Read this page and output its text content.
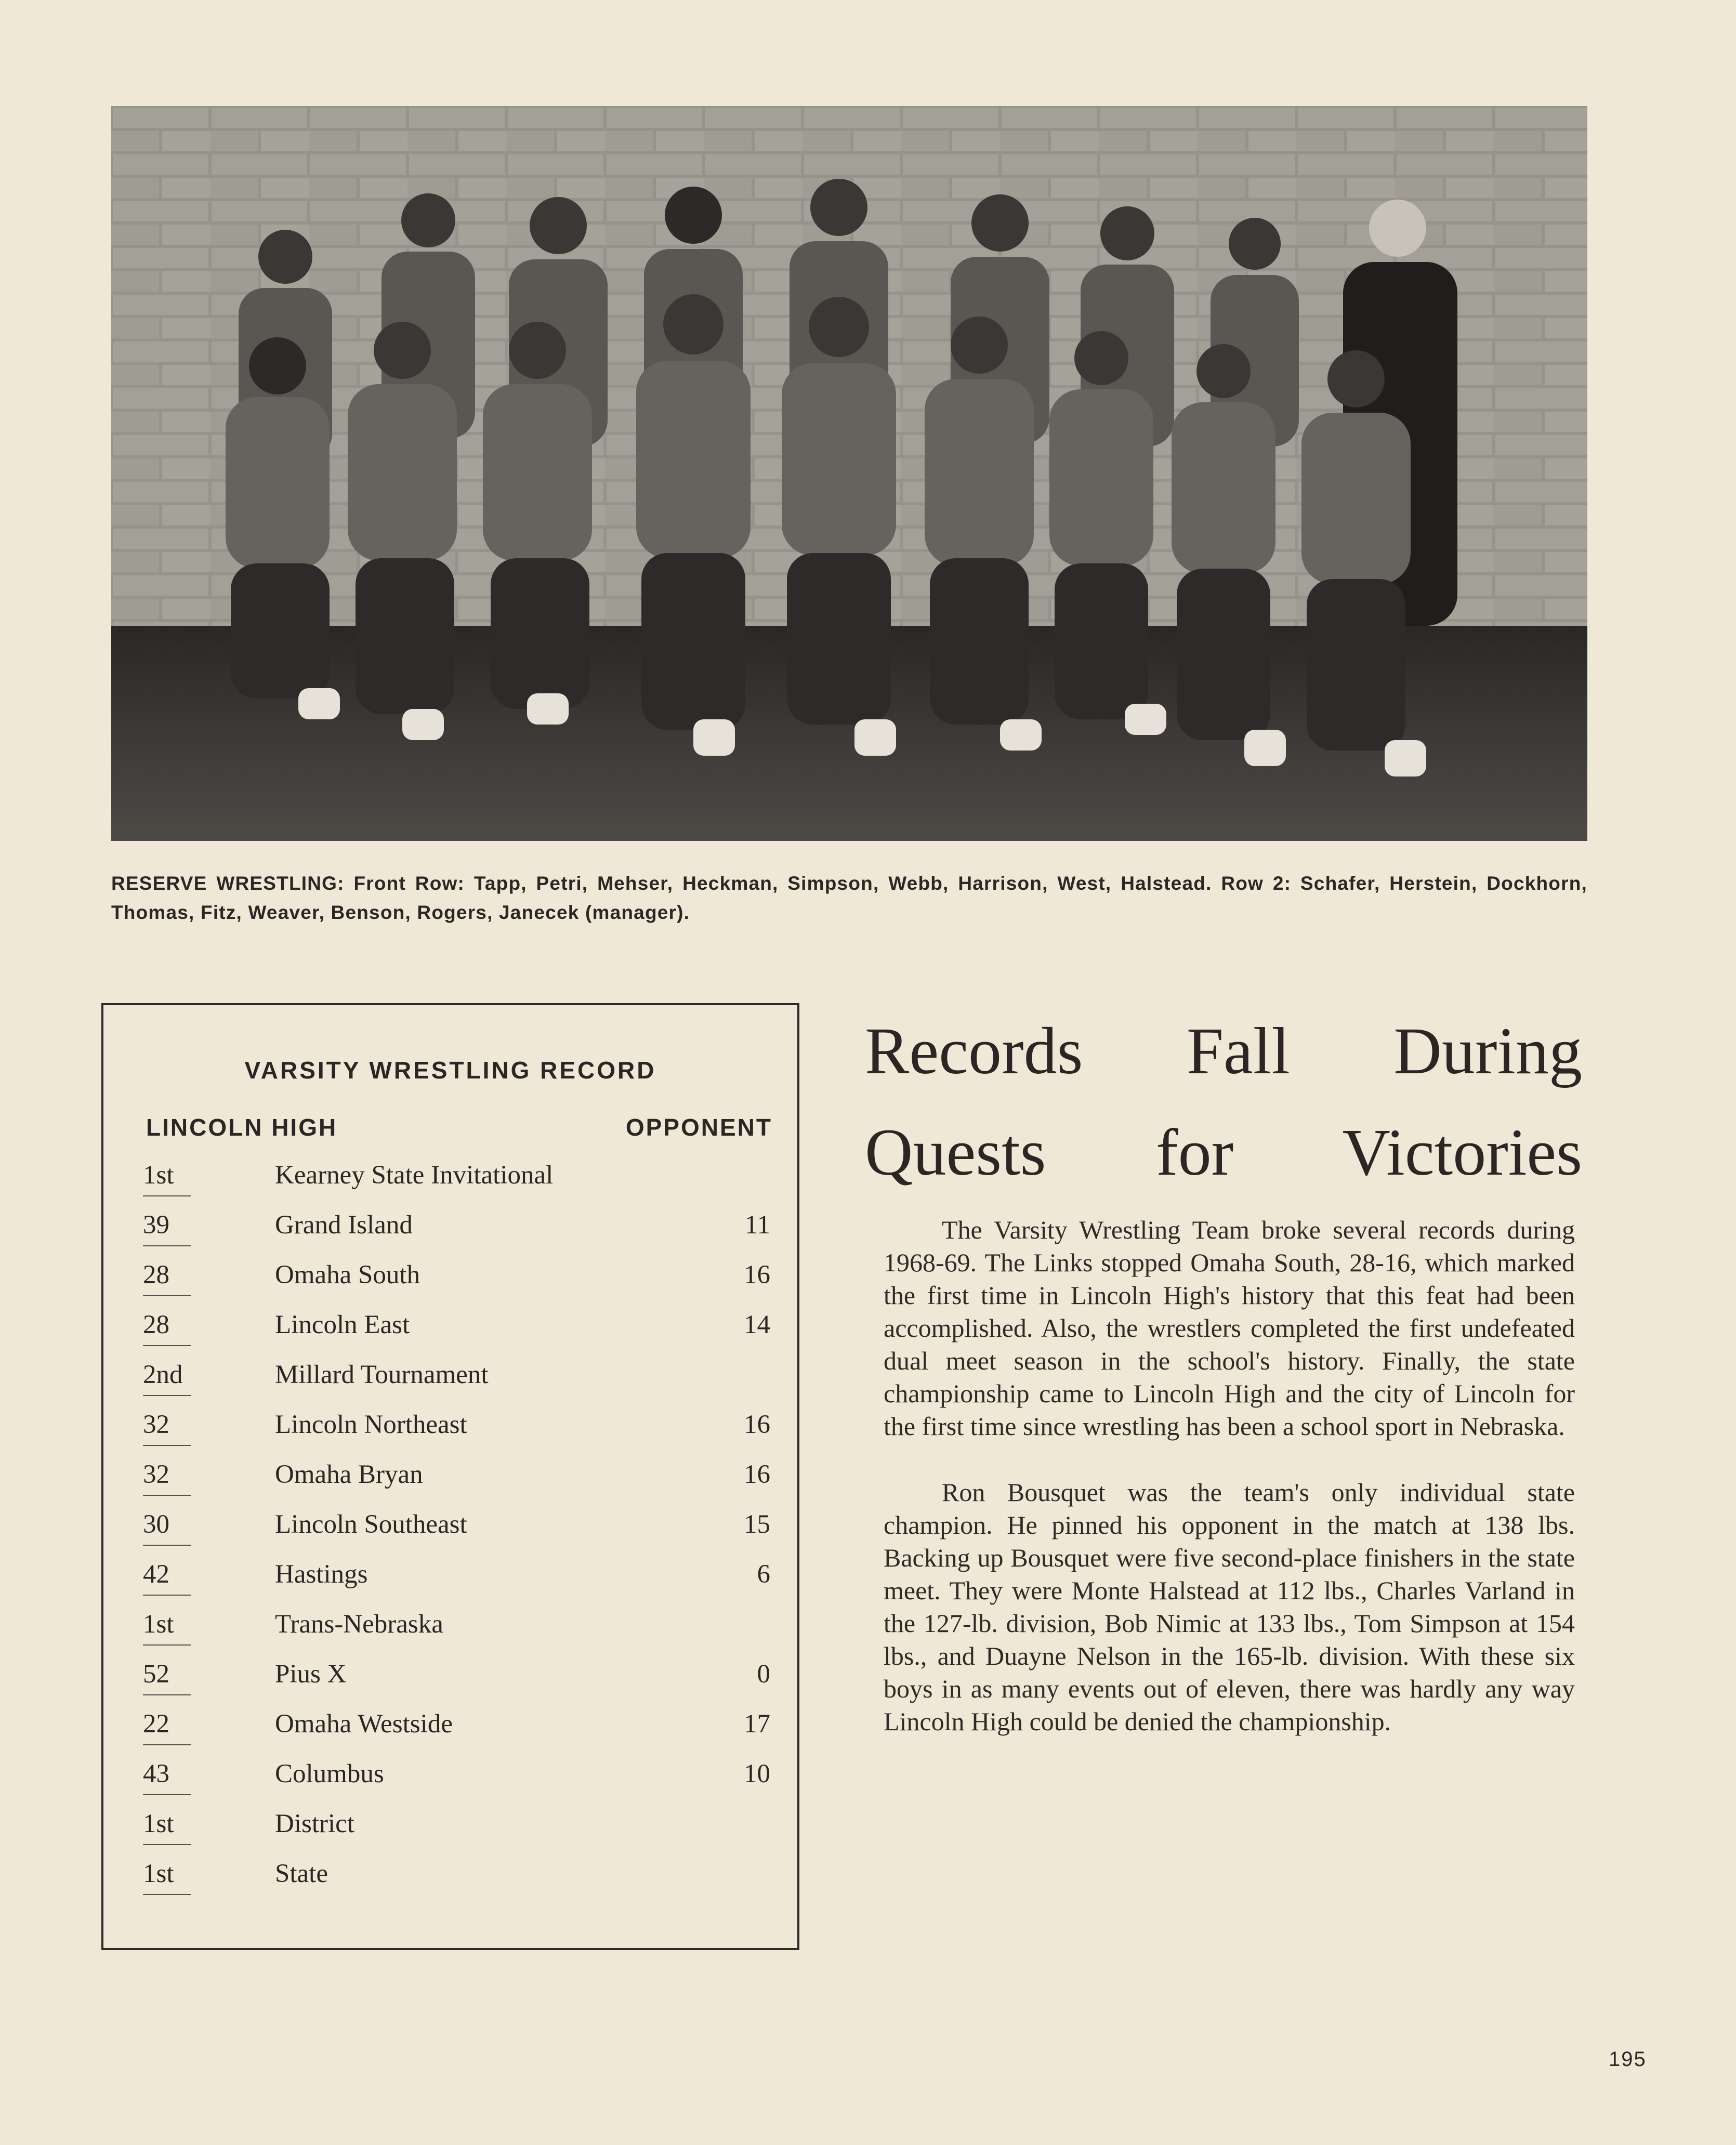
RESERVE WRESTLING: Front Row: Tapp, Petri, Mehser, Heckman, Simpson, Webb, Harrison, West, Halstead. Row 2: Schafer, Herstein, Dockhorn, Thomas, Fitz, Weaver, Benson, Rogers, Janecek (manager).
VARSITY WRESTLING RECORD
LINCOLN HIGH	OPPONENT
1st	Kearney State Invitational
39	Grand Island	11
28	Omaha South	16
28	Lincoln East	14
2nd	Millard Tournament
32	Lincoln Northeast	16
32	Omaha Bryan	16
30	Lincoln Southeast	15
42	Hastings	6
1st	Trans-Nebraska
52	Pius X	0
22	Omaha Westside	17
43	Columbus	10
1st	District
1st	State
Records Fall During Quests for Victories

The Varsity Wrestling Team broke several records during 1968-69. The Links stopped Omaha South, 28-16, which marked the first time in Lincoln High's history that this feat had been accomplished. Also, the wrestlers completed the first undefeated dual meet season in the school's history. Finally, the state championship came to Lincoln High and the city of Lincoln for the first time since wrestling has been a school sport in Nebraska.

Ron Bousquet was the team's only individual state champion. He pinned his opponent in the match at 138 lbs. Backing up Bousquet were five second-place finishers in the state meet. They were Monte Halstead at 112 lbs., Charles Varland in the 127-lb. division, Bob Nimic at 133 lbs., Tom Simpson at 154 lbs., and Duayne Nelson in the 165-lb. division. With these six boys in as many events out of eleven, there was hardly any way Lincoln High could be denied the championship.

195
